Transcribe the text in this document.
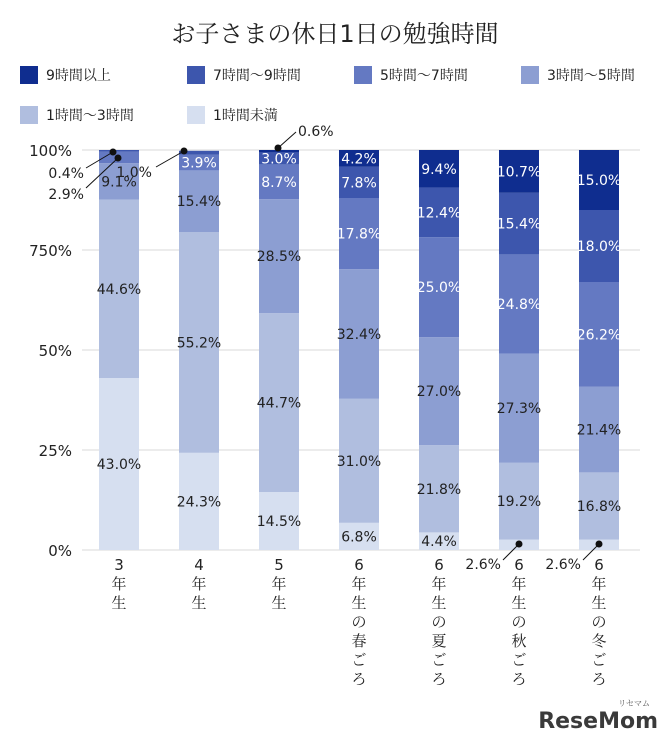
お子さまの休日1日の勉強時間
9時間以上	7時間～9時間	5時間～7時間	3時間～5時間
1時間～3時間	1時間未満
0%
25%
50%
750%
100%
43.0%
44.6%
9.1%
24.3%
55.2%
15.4%
3.9%
14.5%
44.7%
28.5%
8.7%
3.0%
6.8%
31.0%
32.4%
17.8%
7.8%
4.2%
4.4%
21.8%
27.0%
25.0%
12.4%
9.4%
19.2%
27.3%
24.8%
15.4%
10.7%
16.8%
21.4%
26.2%
18.0%
15.0%
0.4%
2.9%
1.0%
0.6%
2.6%	2.6%
3 年生
4 年生
5 年生
6 年生の春ごろ
6 年生の夏ごろ
6 年生の秋ごろ
6 年生の冬ごろ
ReseMom
リセマム
